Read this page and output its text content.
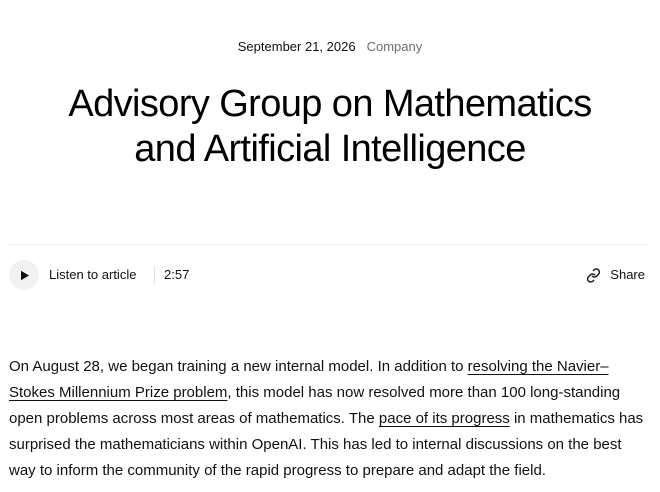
September 21, 2026 Company
Advisory Group on Mathematics
and Artificial Intelligence
Listen to article 2:57	Share

On August 28, we began training a new internal model. In addition to resolving the Navier–Stokes Millennium Prize problem, this model has now resolved more than 100 long-standing open problems across most areas of mathematics. The pace of its progress in mathematics has surprised the mathematicians within OpenAI. This has led to internal discussions on the best way to inform the community of the rapid progress to prepare and adapt the field.
